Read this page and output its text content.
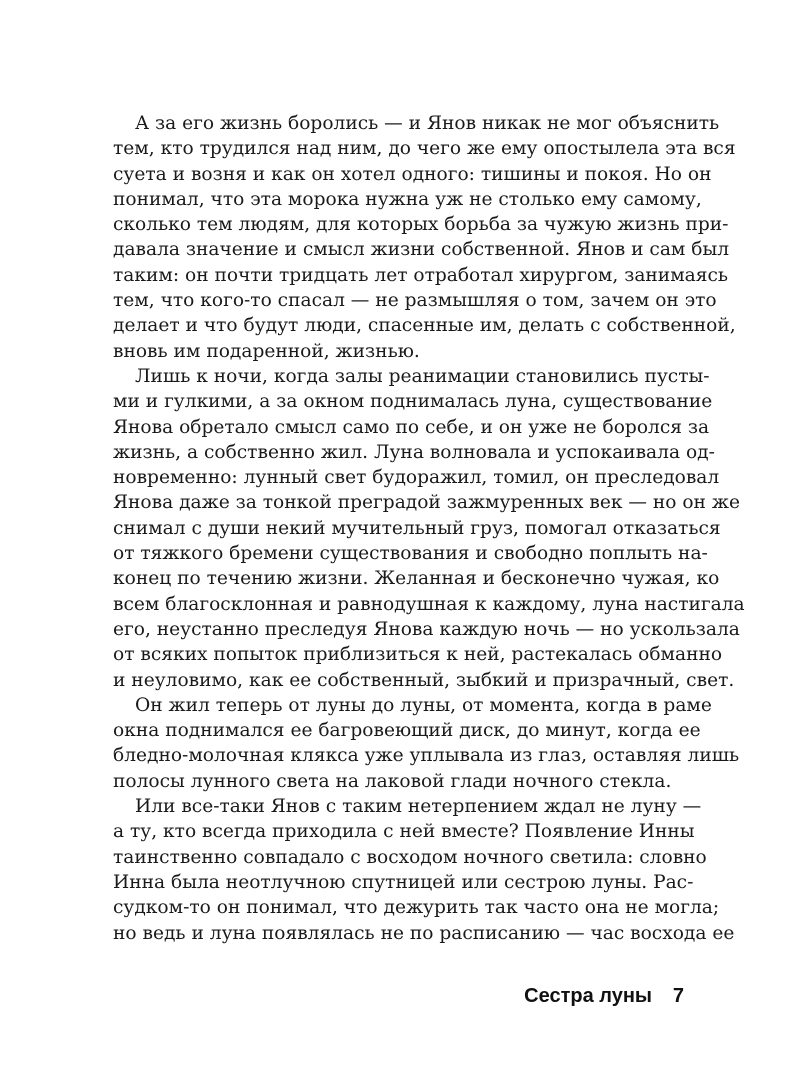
А за его жизнь боролись — и Янов никак не мог объяснить
тем, кто трудился над ним, до чего же ему опостылела эта вся
суета и возня и как он хотел одного: тишины и покоя. Но он
понимал, что эта морока нужна уж не столько ему самому,
сколько тем людям, для которых борьба за чужую жизнь при-
давала значение и смысл жизни собственной. Янов и сам был
таким: он почти тридцать лет отработал хирургом, занимаясь
тем, что кого-то спасал — не размышляя о том, зачем он это
делает и что будут люди, спасенные им, делать с собственной,
вновь им подаренной, жизнью.
Лишь к ночи, когда залы реанимации становились пусты-
ми и гулкими, а за окном поднималась луна, существование
Янова обретало смысл само по себе, и он уже не боролся за
жизнь, а собственно жил. Луна волновала и успокаивала од-
новременно: лунный свет будоражил, томил, он преследовал
Янова даже за тонкой преградой зажмуренных век — но он же
снимал с души некий мучительный груз, помогал отказаться
от тяжкого бремени существования и свободно поплыть на-
конец по течению жизни. Желанная и бесконечно чужая, ко
всем благосклонная и равнодушная к каждому, луна настигала
его, неустанно преследуя Янова каждую ночь — но ускользала
от всяких попыток приблизиться к ней, растекалась обманно
и неуловимо, как ее собственный, зыбкий и призрачный, свет.
Он жил теперь от луны до луны, от момента, когда в раме
окна поднимался ее багровеющий диск, до минут, когда ее
бледно-молочная клякса уже уплывала из глаз, оставляя лишь
полосы лунного света на лаковой глади ночного стекла.
Или все-таки Янов с таким нетерпением ждал не луну —
а ту, кто всегда приходила с ней вместе? Появление Инны
таинственно совпадало с восходом ночного светила: словно
Инна была неотлучною спутницей или сестрою луны. Рас-
судком-то он понимал, что дежурить так часто она не могла;
но ведь и луна появлялась не по расписанию — час восхода ее
Сестра луны 7
